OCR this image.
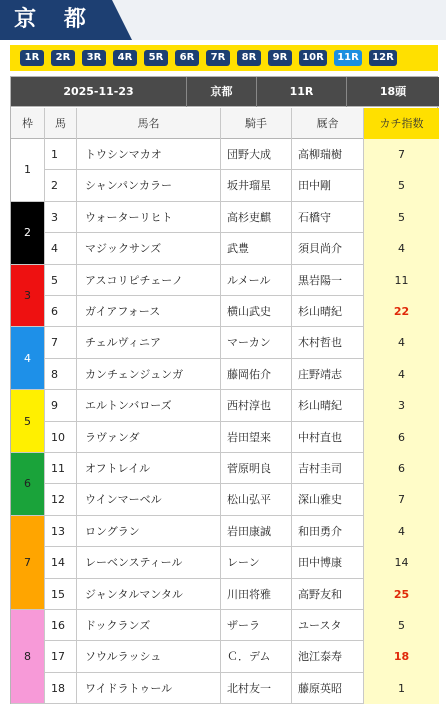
京 都
1R	2R	3R	4R	5R	6R	7R	8R	9R	10R	11R	12R
2025-11-23	京都	11R	18頭
枠	馬	馬名	騎手	厩舎	カチ指数
1
1	トウシンマカオ	団野大成	高柳瑞樹	7
2	シャンパンカラー	坂井瑠星	田中剛	5
2
3	ウォーターリヒト	高杉吏麒	石橋守	5
4	マジックサンズ	武豊	須貝尚介	4
3
5	アスコリピチェーノ	ルメール	黒岩陽一	11
6	ガイアフォース	横山武史	杉山晴紀	22
4
7	チェルヴィニア	マーカン	木村哲也	4
8	カンチェンジュンガ	藤岡佑介	庄野靖志	4
5
9	エルトンバローズ	西村淳也	杉山晴紀	3
10	ラヴァンダ	岩田望来	中村直也	6
6
11	オフトレイル	菅原明良	吉村圭司	6
12	ウインマーベル	松山弘平	深山雅史	7
7
13	ロングラン	岩田康誠	和田勇介	4
14	レーベンスティール	レーン	田中博康	14
15	ジャンタルマンタル	川田将雅	高野友和	25
8
16	ドックランズ	ザーラ	ユースタ	5
17	ソウルラッシュ	Ｃ．デム	池江泰寿	18
18	ワイドラトゥール	北村友一	藤原英昭	1
